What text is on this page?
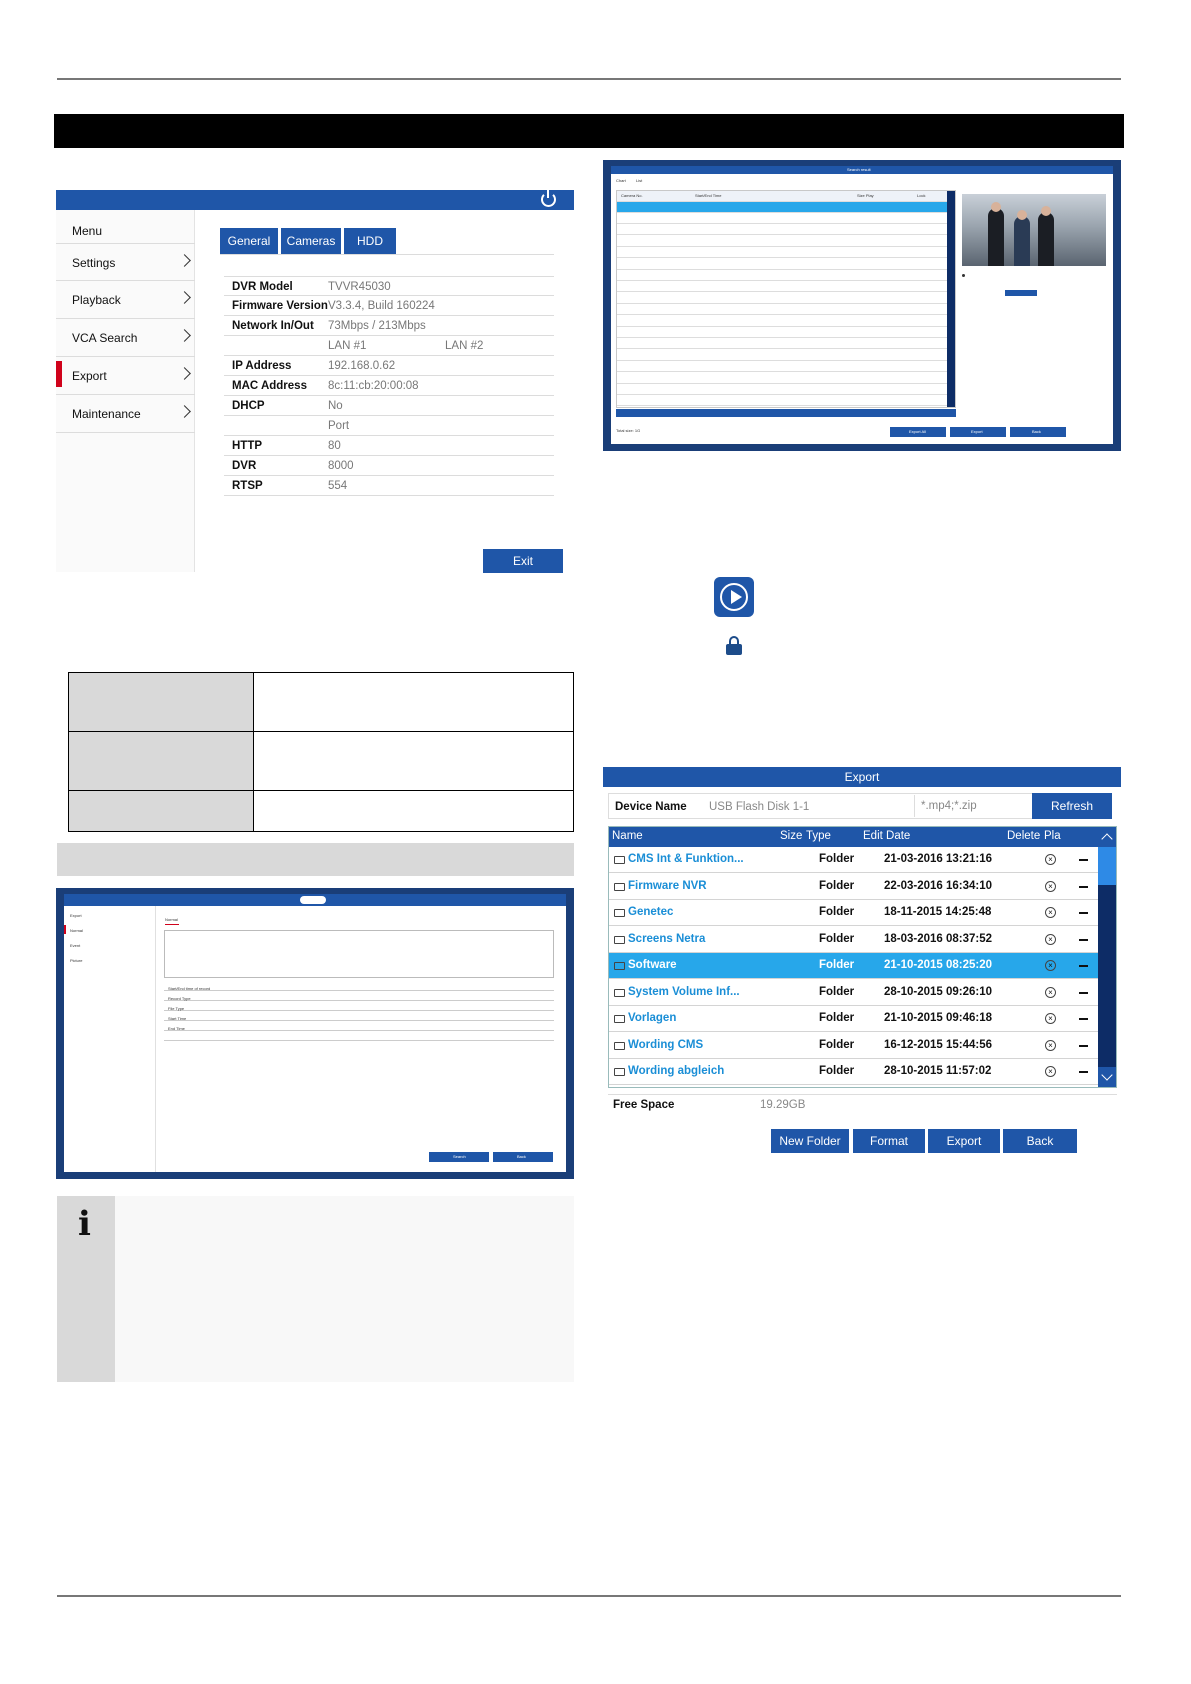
Menu
Settings
Playback
VCA Search
Export
Maintenance
General	Cameras	HDD
DVR Model	TVVR45030
Firmware Version V3.3.4, Build 160224
Network In/Out 73Mbps / 213Mbps
LAN #1	LAN #2
IP Address	192.168.0.62
MAC Address 8c:11:cb:20:00:08
DHCP	No
Port
HTTP	80
DVR	8000
RTSP	554
Exit

Export
Normal
Event
Picture
Normal
Start/End time of record
Record Type
File Type
Start Time
End Time
Search	Back
i
Search result
Chart	List
Camera No.	Start/End Time	Size Play	Lock
Total size: 1G	Export All	Export	Back
Export
Device Name USB Flash Disk 1-1	*.mp4;*.zip	Refresh
Name	Size Type	Edit Date	Delete Pla
CMS Int & Funktion...	Folder	21-03-2016 13:21:16	×
Firmware NVR	Folder	22-03-2016 16:34:10	×
Genetec	Folder	18-11-2015 14:25:48	×
Screens Netra	Folder	18-03-2016 08:37:52	×
Software	Folder	21-10-2015 08:25:20	×
System Volume Inf...	Folder	28-10-2015 09:26:10	×
Vorlagen	Folder	21-10-2015 09:46:18	×
Wording CMS	Folder	16-12-2015 15:44:56	×
Wording abgleich	Folder	28-10-2015 11:57:02	×
Free Space	19.29GB
New Folder	Format	Export	Back
